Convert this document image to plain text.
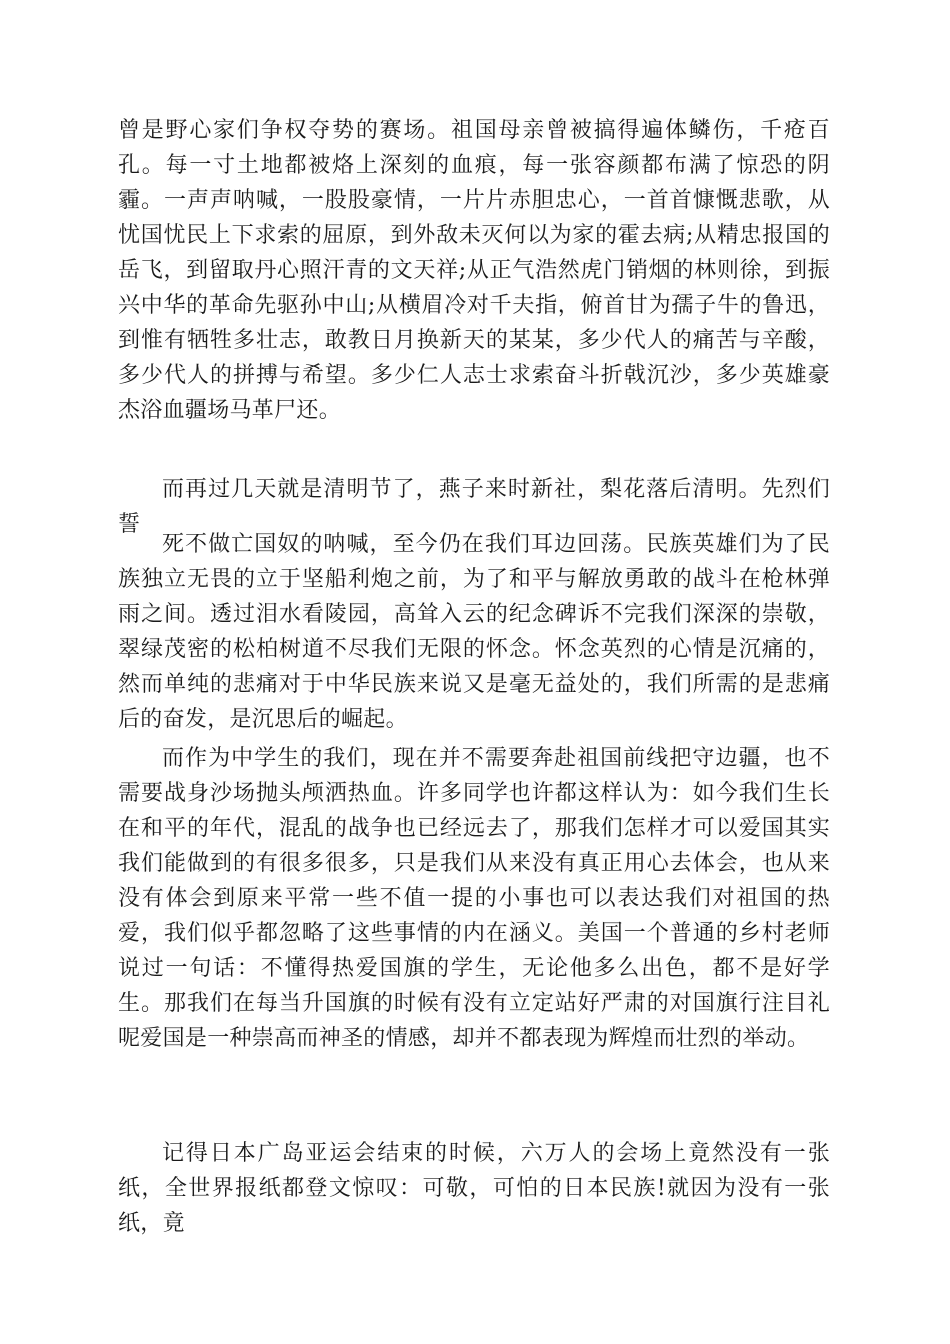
曾是野心家们争权夺势的赛场。祖国母亲曾被搞得遍体鳞伤，千疮百孔。每一寸土地都被烙上深刻的血痕，每一张容颜都布满了惊恐的阴霾。一声声呐喊，一股股豪情，一片片赤胆忠心，一首首慷慨悲歌，从忧国忧民上下求索的屈原，到外敌未灭何以为家的霍去病;从精忠报国的岳飞，到留取丹心照汗青的文天祥;从正气浩然虎门销烟的林则徐，到振兴中华的革命先驱孙中山;从横眉冷对千夫指，俯首甘为孺子牛的鲁迅，到惟有牺牲多壮志，敢教日月换新天的某某，多少代人的痛苦与辛酸，多少代人的拼搏与希望。多少仁人志士求索奋斗折戟沉沙，多少英雄豪杰浴血疆场马革尸还。

而再过几天就是清明节了，燕子来时新社，梨花落后清明。先烈们誓

死不做亡国奴的呐喊，至今仍在我们耳边回荡。民族英雄们为了民族独立无畏的立于坚船利炮之前，为了和平与解放勇敢的战斗在枪林弹雨之间。透过泪水看陵园，高耸入云的纪念碑诉不完我们深深的崇敬，翠绿茂密的松柏树道不尽我们无限的怀念。怀念英烈的心情是沉痛的，然而单纯的悲痛对于中华民族来说又是毫无益处的，我们所需的是悲痛后的奋发，是沉思后的崛起。

而作为中学生的我们，现在并不需要奔赴祖国前线把守边疆，也不需要战身沙场抛头颅洒热血。许多同学也许都这样认为：如今我们生长在和平的年代，混乱的战争也已经远去了，那我们怎样才可以爱国其实我们能做到的有很多很多，只是我们从来没有真正用心去体会，也从来没有体会到原来平常一些不值一提的小事也可以表达我们对祖国的热爱，我们似乎都忽略了这些事情的内在涵义。美国一个普通的乡村老师说过一句话：不懂得热爱国旗的学生，无论他多么出色，都不是好学生。那我们在每当升国旗的时候有没有立定站好严肃的对国旗行注目礼呢爱国是一种崇高而神圣的情感，却并不都表现为辉煌而壮烈的举动。

记得日本广岛亚运会结束的时候，六万人的会场上竟然没有一张纸，全世界报纸都登文惊叹：可敬，可怕的日本民族!就因为没有一张纸，竟
